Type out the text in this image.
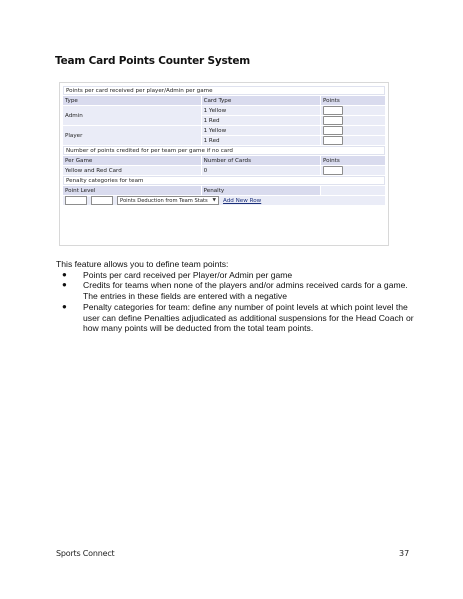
Team Card Points Counter System
Points per card received per player/Admin per game		
Type	Card Type	Points
Admin	1 Yellow	
	1 Red	
Player	1 Yellow	
	1 Red	
Number of points credited for per team per game if no card		
Per Game	Number of Cards	Points
Yellow and Red Card	0	
Penalty categories for team		
Point Level	Penalty	

Points Deduction from Team Stats ▼ Add New Row		

This feature allows you to define team points:

● Points per card received per Player/or Admin per game
● Credits for teams when none of the players and/or admins received cards for a game. The entries in these fields are entered with a negative
● Penalty categories for team: define any number of point levels at which point level the user can define Penalties adjudicated as additional suspensions for the Head Coach or how many points will be deducted from the total team points.
Sports Connect	37
